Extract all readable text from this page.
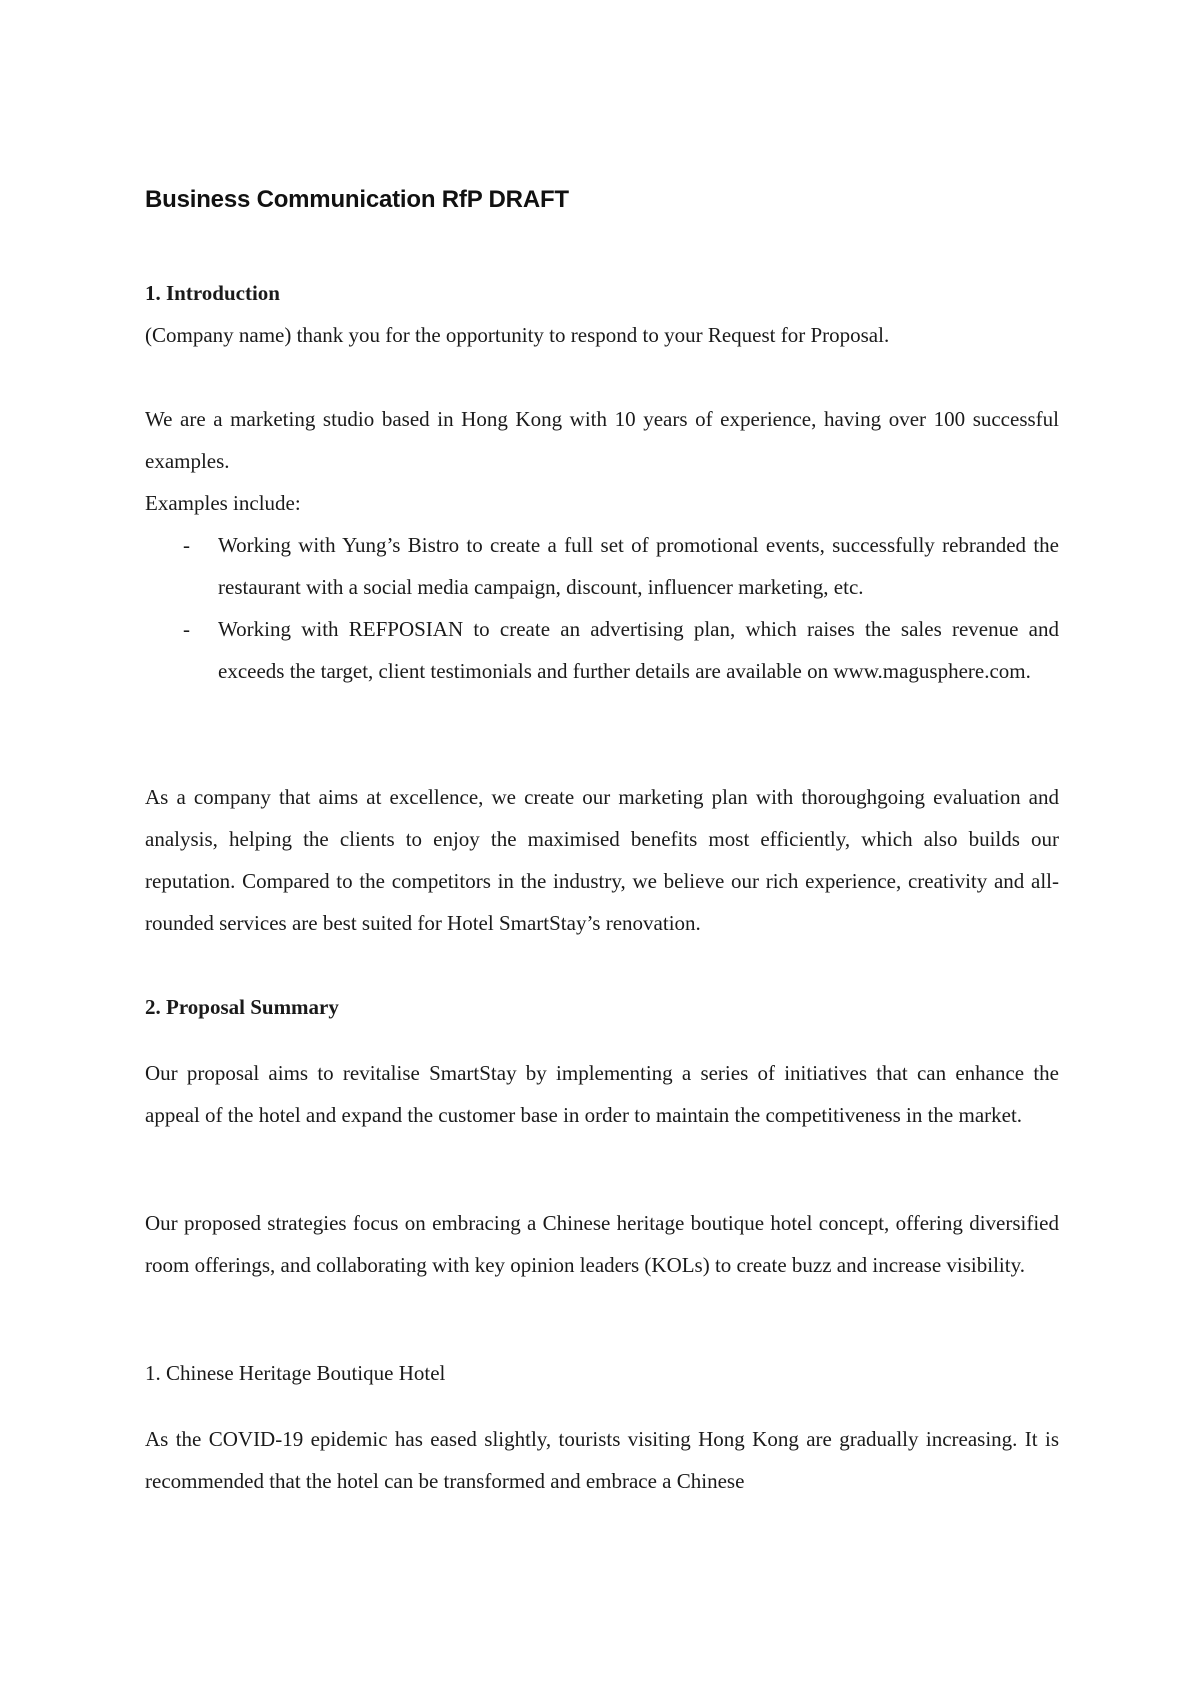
Business Communication RfP DRAFT

1. Introduction

(Company name) thank you for the opportunity to respond to your Request for Proposal.

We are a marketing studio based in Hong Kong with 10 years of experience, having over 100 successful examples.

Examples include:

- Working with Yung’s Bistro to create a full set of promotional events, successfully rebranded the restaurant with a social media campaign, discount, influencer marketing, etc.
- Working with REFPOSIAN to create an advertising plan, which raises the sales revenue and exceeds the target, client testimonials and further details are available on www.magusphere.com.

As a company that aims at excellence, we create our marketing plan with thoroughgoing evaluation and analysis, helping the clients to enjoy the maximised benefits most efficiently, which also builds our reputation. Compared to the competitors in the industry, we believe our rich experience, creativity and all-rounded services are best suited for Hotel SmartStay’s renovation.

2. Proposal Summary

Our proposal aims to revitalise SmartStay by implementing a series of initiatives that can enhance the appeal of the hotel and expand the customer base in order to maintain the competitiveness in the market.

Our proposed strategies focus on embracing a Chinese heritage boutique hotel concept, offering diversified room offerings, and collaborating with key opinion leaders (KOLs) to create buzz and increase visibility.

1. Chinese Heritage Boutique Hotel

As the COVID-19 epidemic has eased slightly, tourists visiting Hong Kong are gradually increasing. It is recommended that the hotel can be transformed and embrace a Chinese
